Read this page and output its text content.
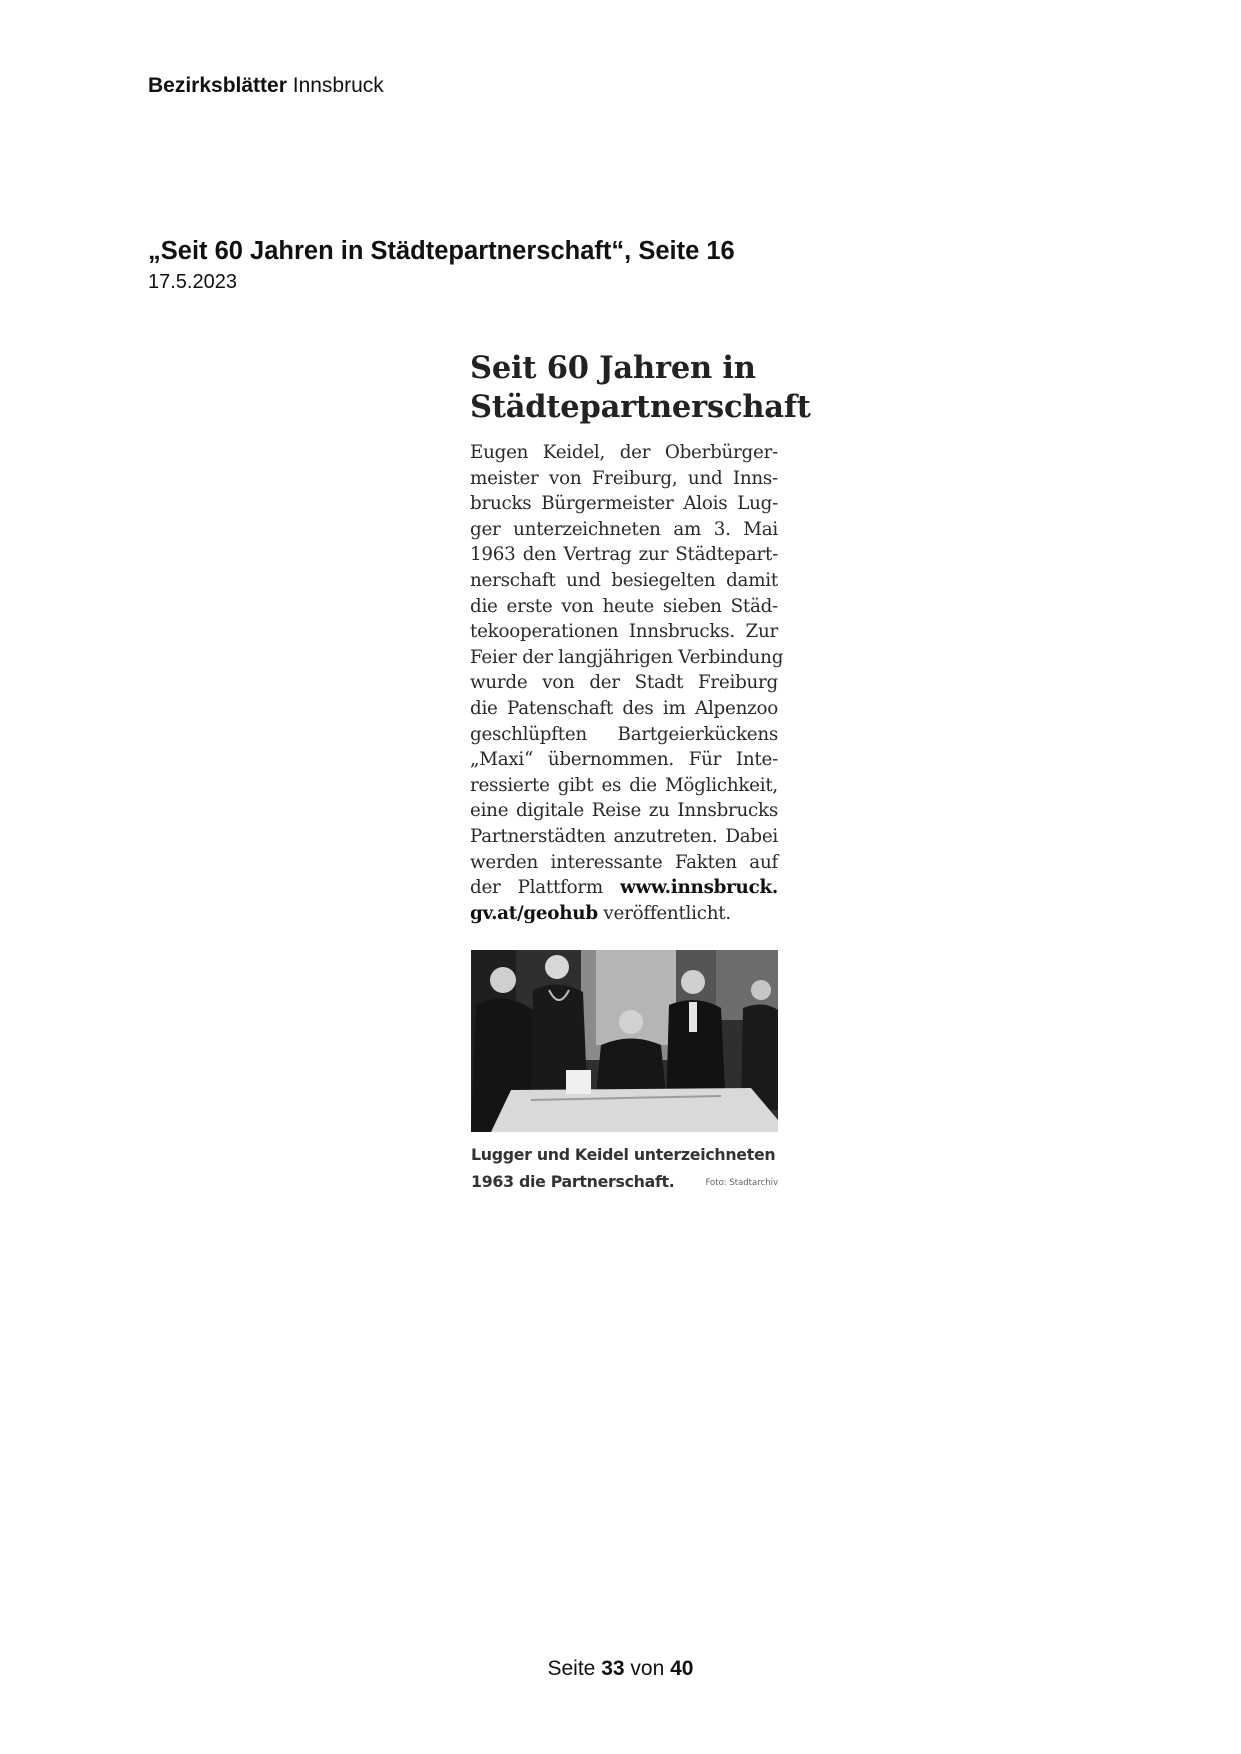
Bezirksblätter Innsbruck
„Seit 60 Jahren in Städtepartnerschaft“, Seite 16
17.5.2023
Seit 60 Jahren in
Städtepartnerschaft
Eugen Keidel, der Oberbürger-
meister von Freiburg, und Inns-
brucks Bürgermeister Alois Lug-
ger unterzeichneten am 3. Mai
1963 den Vertrag zur Städtepart-
nerschaft und besiegelten damit
die erste von heute sieben Städ-
tekooperationen Innsbrucks. Zur
Feier der langjährigen Verbindung
wurde von der Stadt Freiburg
die Patenschaft des im Alpenzoo
geschlüpften Bartgeierkückens
„Maxi“ übernommen. Für Inte-
ressierte gibt es die Möglichkeit,
eine digitale Reise zu Innsbrucks
Partnerstädten anzutreten. Dabei
werden interessante Fakten auf
der Plattform www.innsbruck.
gv.at/geohub veröffentlicht.
Lugger und Keidel unterzeichneten
1963 die Partnerschaft.	Foto: Stadtarchiv
Seite 33 von 40
